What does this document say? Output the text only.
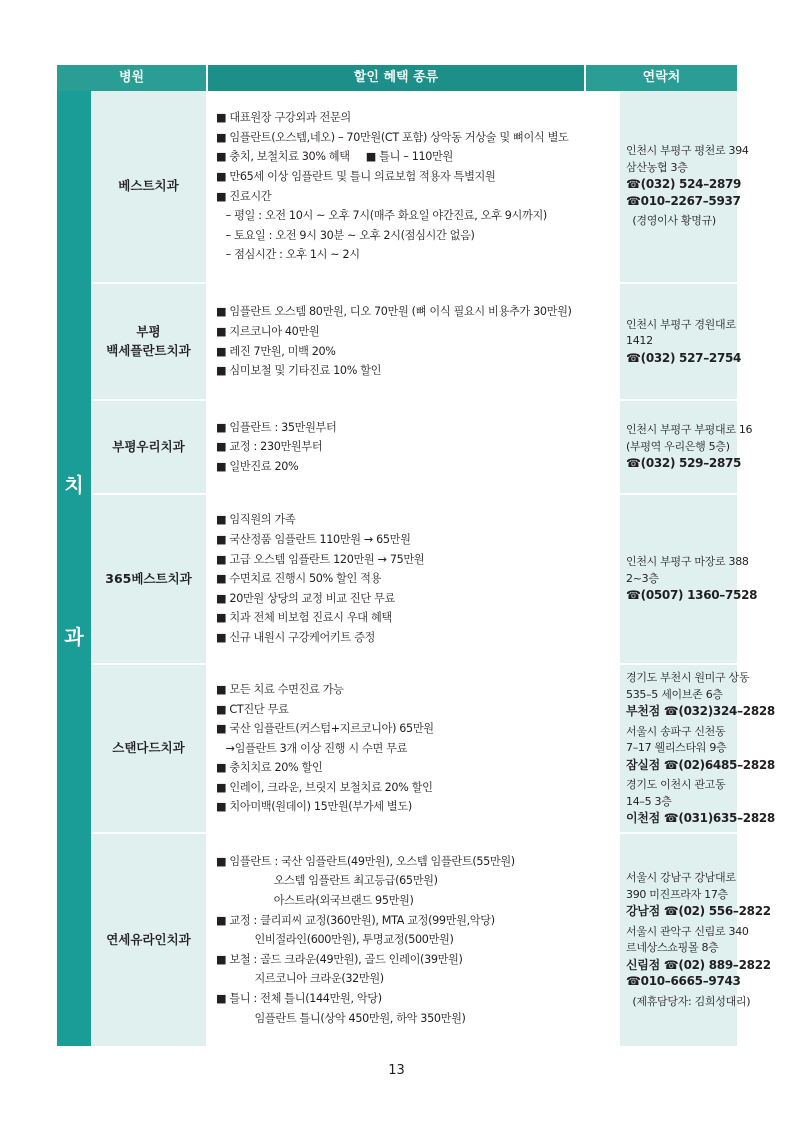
병원	할인 혜택 종류	연락처
치
과
베스트치과
■ 대표원장 구강외과 전문의
■ 임플란트(오스템,네오) – 70만원(CT 포함) 상악동 거상술 및 뼈이식 별도
■ 충치, 보철치료 30% 혜택     ■ 틀니 – 110만원
■ 만65세 이상 임플란트 및 틀니 의료보험 적용자 특별지원
■ 진료시간
– 평일 : 오전 10시 ~ 오후 7시(매주 화요일 야간진료, 오후 9시까지)
– 토요일 : 오전 9시 30분 ~ 오후 2시(점심시간 없음)
– 점심시간 : 오후 1시 ~ 2시
인천시 부평구 평천로 394
삼산농협 3층
☎(032) 524–2879
☎010–2267–5937
(경영이사 황명규)
부평
백세플란트치과
■ 임플란트 오스템 80만원, 디오 70만원 (뼈 이식 필요시 비용추가 30만원)
■ 지르코니아 40만원
■ 레진 7만원, 미백 20%
■ 심미보철 및 기타진료 10% 할인
인천시 부평구 경원대로
1412
☎(032) 527–2754
부평우리치과
■ 임플란트 : 35만원부터
■ 교정 : 230만원부터
■ 일반진료 20%
인천시 부평구 부평대로 16
(부평역 우리은행 5층)
☎(032) 529–2875
365베스트치과
■ 임직원의 가족
■ 국산정품 임플란트 110만원 → 65만원
■ 고급 오스템 임플란트 120만원 → 75만원
■ 수면치료 진행시 50% 할인 적용
■ 20만원 상당의 교정 비교 진단 무료
■ 치과 전체 비보험 진료시 우대 혜택
■ 신규 내원시 구강케어키트 증정
인천시 부평구 마장로 388
2~3층
☎(0507) 1360–7528
스탠다드치과
■ 모든 치료 수면진료 가능
■ CT진단 무료
■ 국산 임플란트(커스텀+지르코니아) 65만원
→임플란트 3개 이상 진행 시 수면 무료
■ 충치치료 20% 할인
■ 인레이, 크라운, 브릿지 보철치료 20% 할인
■ 치아미백(원데이) 15만원(부가세 별도)
경기도 부천시 원미구 상동
535–5 세이브존 6층
부천점 ☎(032)324–2828
서울시 송파구 신천동
7–17 웰리스타워 9층
잠실점 ☎(02)6485–2828
경기도 이천시 관고동
14–5 3층
이천점 ☎(031)635–2828
연세유라인치과
■ 임플란트 : 국산 임플란트(49만원), 오스템 임플란트(55만원)
오스템 임플란트 최고등급(65만원)
아스트라(외국브랜드 95만원)
■ 교정 : 클리피씨 교정(360만원), MTA 교정(99만원,악당)
인비절라인(600만원), 투명교정(500만원)
■ 보철 : 골드 크라운(49만원), 골드 인레이(39만원)
지르코니아 크라운(32만원)
■ 틀니 : 전체 틀니(144만원, 악당)
임플란트 틀니(상악 450만원, 하악 350만원)
서울시 강남구 강남대로
390 미진프라자 17층
강남점 ☎(02) 556–2822
서울시 관악구 신림로 340
르네상스쇼핑몰 8층
신림점 ☎(02) 889–2822
☎010–6665–9743
(제휴담당자: 김희성대리)
13
